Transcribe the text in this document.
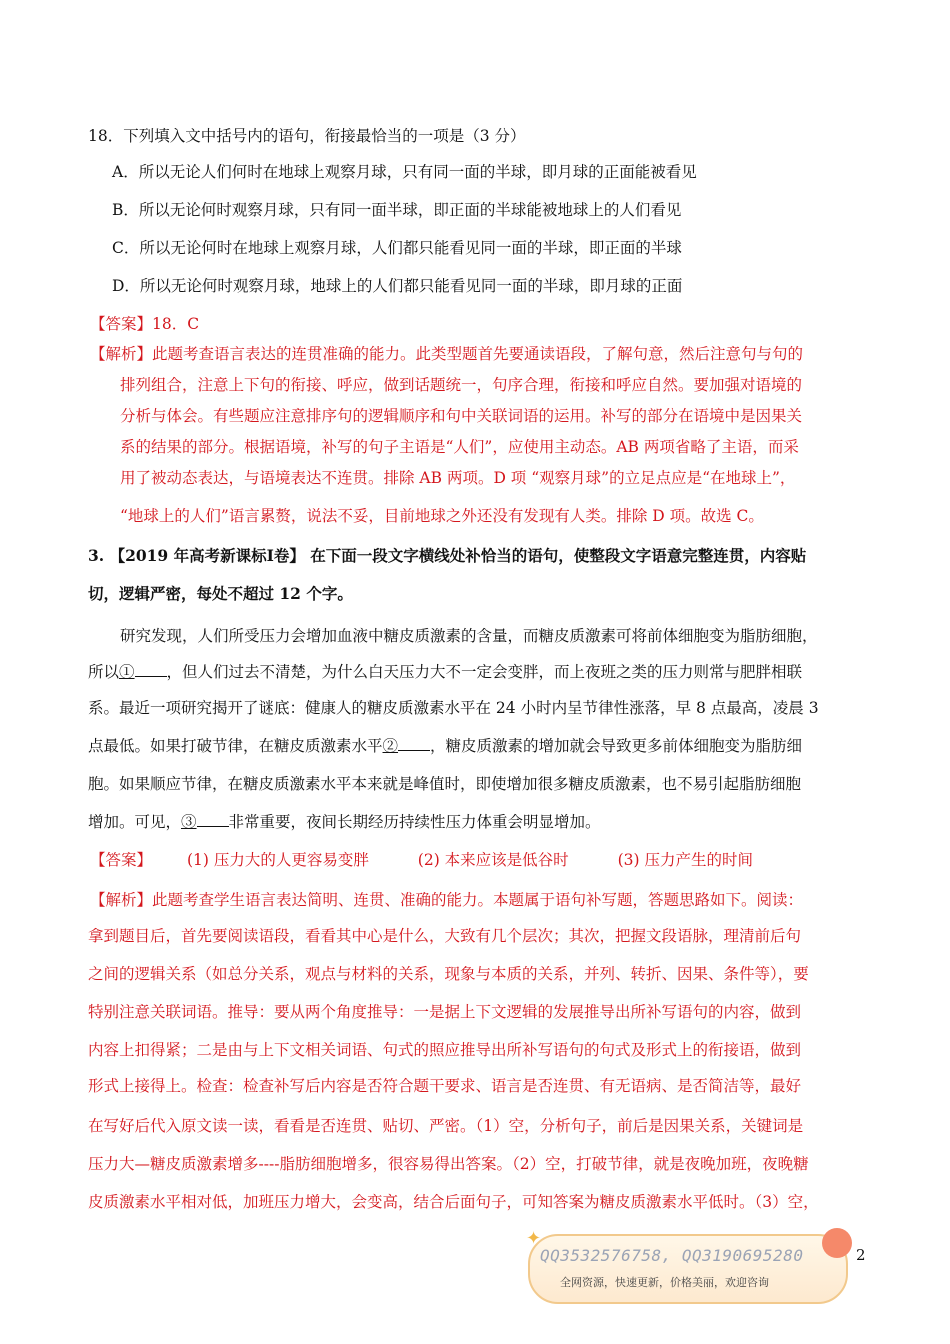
18．下列填入文中括号内的语句，衔接最恰当的一项是（3 分）
A．所以无论人们何时在地球上观察月球，只有同一面的半球，即月球的正面能被看见
B．所以无论何时观察月球，只有同一面半球，即正面的半球能被地球上的人们看见
C．所以无论何时在地球上观察月球，人们都只能看见同一面的半球，即正面的半球
D．所以无论何时观察月球，地球上的人们都只能看见同一面的半球，即月球的正面
【答案】18．C
【解析】此题考查语言表达的连贯准确的能力。此类型题首先要通读语段，了解句意，然后注意句与句的
排列组合，注意上下句的衔接、呼应，做到话题统一，句序合理，衔接和呼应自然。要加强对语境的
分析与体会。有些题应注意排序句的逻辑顺序和句中关联词语的运用。补写的部分在语境中是因果关
系的结果的部分。根据语境，补写的句子主语是“人们”，应使用主动态。AB 两项省略了主语，而采
用了被动态表达，与语境表达不连贯。排除 AB 两项。D 项 “观察月球”的立足点应是“在地球上”，
“地球上的人们”语言累赘，说法不妥，目前地球之外还没有发现有人类。排除 D 项。故选 C。
3. 【2019 年高考新课标Ⅰ卷】 在下面一段文字横线处补恰当的语句，使整段文字语意完整连贯，内容贴
切，逻辑严密，每处不超过 12 个字。
研究发现，人们所受压力会增加血液中糖皮质激素的含量，而糖皮质激素可将前体细胞变为脂肪细胞，
所以① ，但人们过去不清楚，为什么白天压力大不一定会变胖，而上夜班之类的压力则常与肥胖相联
系。最近一项研究揭开了谜底：健康人的糖皮质激素水平在 24 小时内呈节律性涨落，早 8 点最高，凌晨 3
点最低。如果打破节律，在糖皮质激素水平② ，糖皮质激素的增加就会导致更多前体细胞变为脂肪细
胞。如果顺应节律，在糖皮质激素水平本来就是峰值时，即使增加很多糖皮质激素，也不易引起脂肪细胞
增加。可见，③ 非常重要，夜间长期经历持续性压力体重会明显增加。
【答案】 (1) 压力大的人更容易变胖	(2) 本来应该是低谷时	(3) 压力产生的时间
【解析】此题考查学生语言表达简明、连贯、准确的能力。本题属于语句补写题，答题思路如下。阅读：
拿到题目后，首先要阅读语段，看看其中心是什么，大致有几个层次；其次，把握文段语脉，理清前后句
之间的逻辑关系（如总分关系，观点与材料的关系，现象与本质的关系，并列、转折、因果、条件等），要
特别注意关联词语。推导：要从两个角度推导：一是据上下文逻辑的发展推导出所补写语句的内容，做到
内容上扣得紧；二是由与上下文相关词语、句式的照应推导出所补写语句的句式及形式上的衔接语，做到
形式上接得上。检查：检查补写后内容是否符合题干要求、语言是否连贯、有无语病、是否简洁等，最好
在写好后代入原文读一读，看看是否连贯、贴切、严密。（1）空，分析句子，前后是因果关系，关键词是
压力大—糖皮质激素增多----脂肪细胞增多，很容易得出答案。（2）空，打破节律，就是夜晚加班，夜晚糖
皮质激素水平相对低，加班压力增大，会变高，结合后面句子，可知答案为糖皮质激素水平低时。（3）空，
✦
QQ3532576758, QQ3190695280
全网资源，快速更新，价格美丽，欢迎咨询
2
